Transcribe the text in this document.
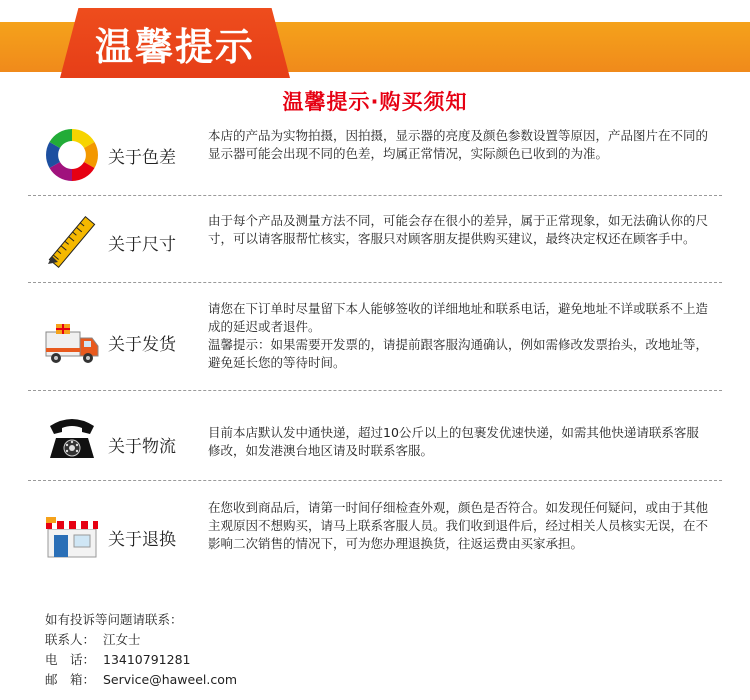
温馨提示
温馨提示·购买须知
关于色差
本店的产品为实物拍摄，因拍摄，显示器的亮度及颜色参数设置等原因，产品图片在不同的显示器可能会出现不同的色差，均属正常情况，实际颜色已收到的为准。
关于尺寸
由于每个产品及测量方法不同，可能会存在很小的差异，属于正常现象，如无法确认你的尺寸，可以请客服帮忙核实，客服只对顾客朋友提供购买建议，最终决定权还在顾客手中。
关于发货
请您在下订单时尽量留下本人能够签收的详细地址和联系电话，避免地址不详或联系不上造成的延迟或者退件。
温馨提示：如果需要开发票的，请提前跟客服沟通确认，例如需修改发票抬头，改地址等，避免延长您的等待时间。
关于物流
目前本店默认发中通快递，超过10公斤以上的包裹发优速快递，如需其他快递请联系客服修改，如发港澳台地区请及时联系客服。
关于退换
在您收到商品后，请第一时间仔细检查外观，颜色是否符合。如发现任何疑问，或由于其他主观原因不想购买，请马上联系客服人员。我们收到退件后，经过相关人员核实无误，在不影响二次销售的情况下，可为您办理退换货，往返运费由买家承担。
如有投诉等问题请联系：
联系人： 江女士
电　话： 13410791281
邮　箱： Service@haweel.com
